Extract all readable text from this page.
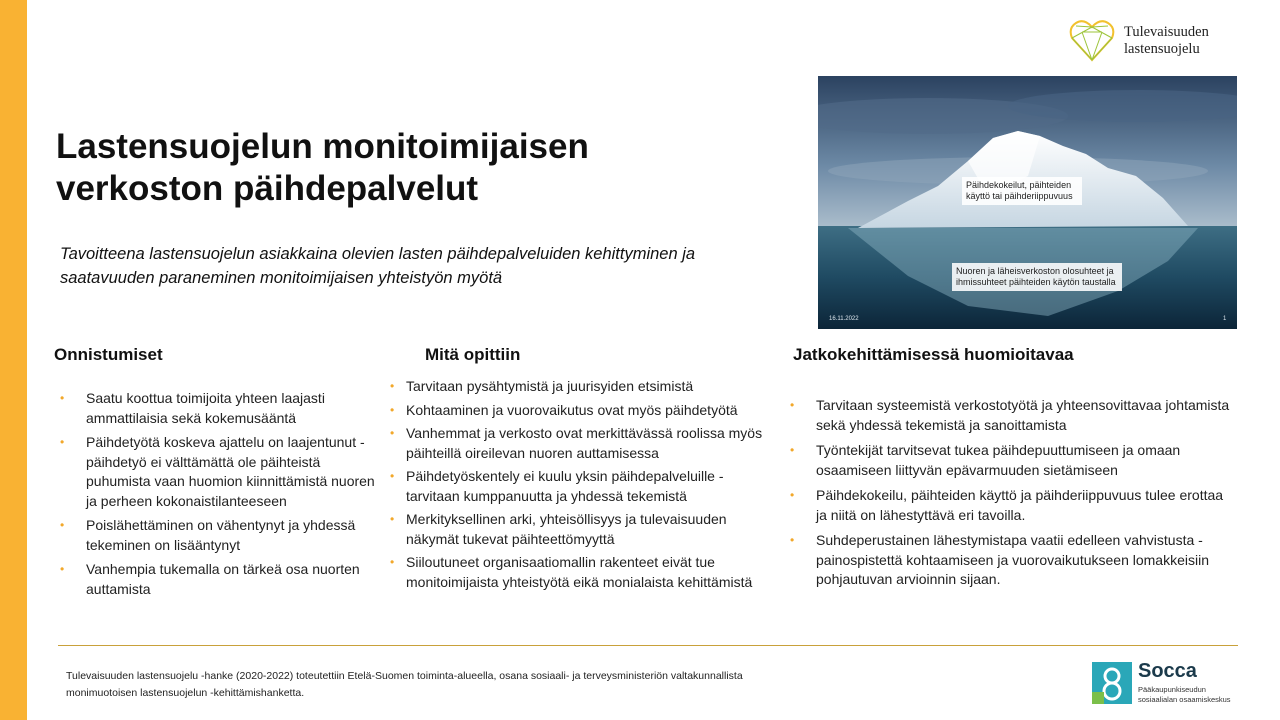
Tulevaisuuden
lastensuojelu
Lastensuojelun monitoimijaisen verkoston päihdepalvelut

Tavoitteena lastensuojelun asiakkaina olevien lasten päihdepalveluiden kehittyminen ja saatavuuden paraneminen monitoimijaisen yhteistyön myötä

Päihdekokeilut, päihteiden käyttö tai päihderiippuvuus
Nuoren ja läheisverkoston olosuhteet ja ihmissuhteet päihteiden käytön taustalla
16.11.2022	1
Onnistumiset	Mitä opittiin	Jatkokehittämisessä huomioitavaa
• Saatu koottua toimijoita yhteen laajasti ammattilaisia sekä kokemusääntä
• Päihdetyötä koskeva ajattelu on laajentunut - päihdetyö ei välttämättä ole päihteistä puhumista vaan huomion kiinnittämistä nuoren ja perheen kokonaistilanteeseen
• Poislähettäminen on vähentynyt ja yhdessä tekeminen on lisääntynyt
• Vanhempia tukemalla on tärkeä osa nuorten auttamista
• Tarvitaan pysähtymistä ja juurisyiden etsimistä
• Kohtaaminen ja vuorovaikutus ovat myös päihdetyötä
• Vanhemmat ja verkosto ovat merkittävässä roolissa myös päihteillä oireilevan nuoren auttamisessa
• Päihdetyöskentely ei kuulu yksin päihdepalveluille - tarvitaan kumppanuutta ja yhdessä tekemistä
• Merkityksellinen arki, yhteisöllisyys ja tulevaisuuden näkymät tukevat päihteettömyyttä
• Siiloutuneet organisaatiomallin rakenteet eivät tue monitoimijaista yhteistyötä eikä monialaista kehittämistä
• Tarvitaan systeemistä verkostotyötä ja yhteensovittavaa johtamista sekä yhdessä tekemistä ja sanoittamista
• Työntekijät tarvitsevat tukea päihdepuuttumiseen ja omaan osaamiseen liittyvän epävarmuuden sietämiseen
• Päihdekokeilu, päihteiden käyttö ja päihderiippuvuus tulee erottaa ja niitä on lähestyttävä eri tavoilla.
• Suhdeperustainen lähestymistapa vaatii edelleen vahvistusta - painospistettä kohtaamiseen ja vuorovaikutukseen lomakkeisiin pohjautuvan arvioinnin sijaan.

Tulevaisuuden lastensuojelu -hanke (2020-2022) toteutettiin Etelä-Suomen toiminta-alueella, osana sosiaali- ja terveysministeriön valtakunnallista monimuotoisen lastensuojelun -kehittämishanketta.

Socca
Pääkaupunkiseudun
sosiaalialan osaamiskeskus
